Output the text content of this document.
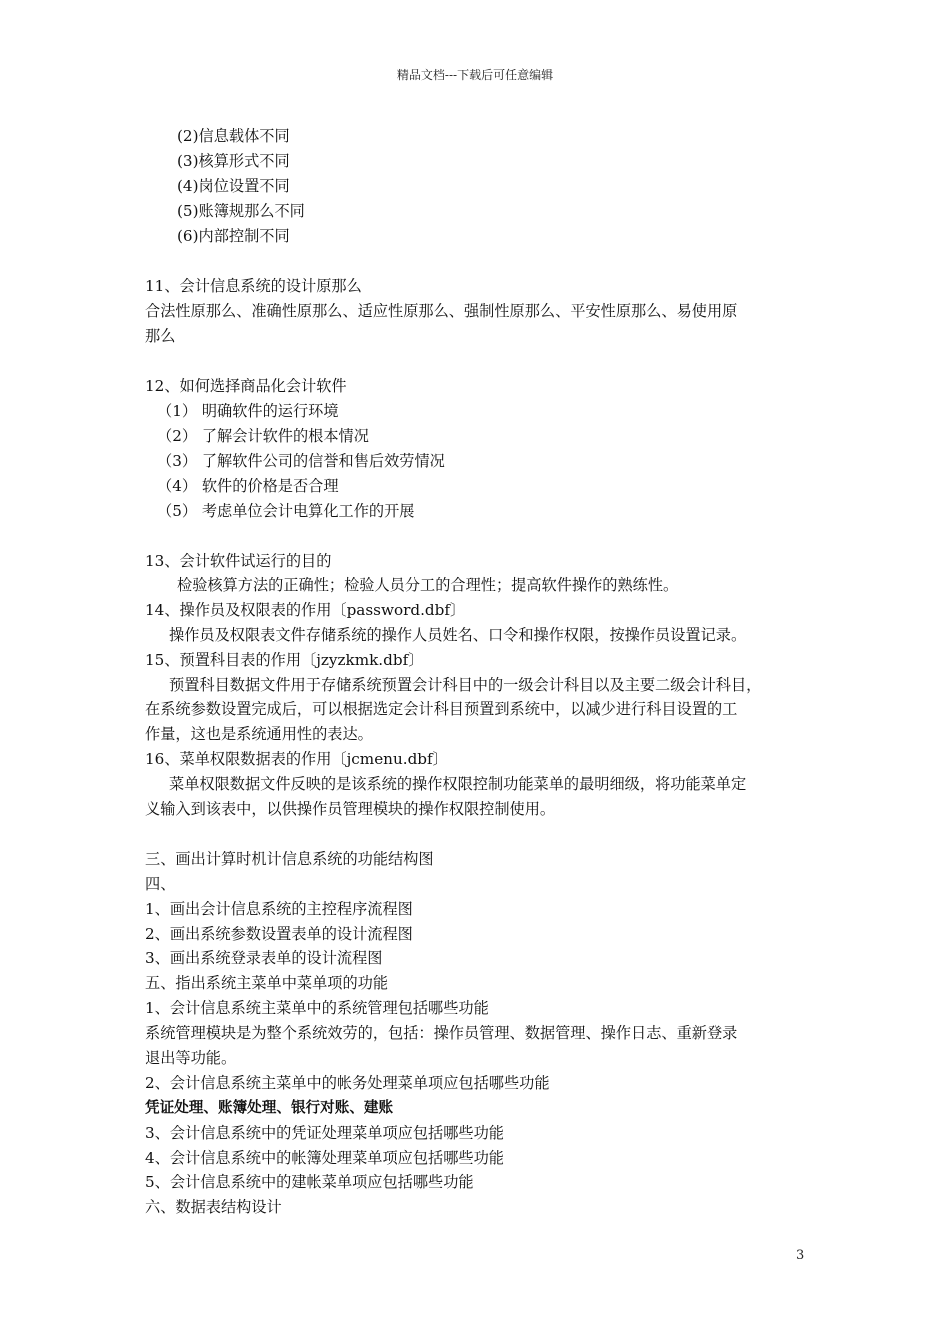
精品文档---下载后可任意编辑
(2)信息载体不同
(3)核算形式不同
(4)岗位设置不同
(5)账簿规那么不同
(6)内部控制不同
11、会计信息系统的设计原那么
合法性原那么、准确性原那么、适应性原那么、强制性原那么、平安性原那么、易使用原
那么
12、如何选择商品化会计软件
（1） 明确软件的运行环境
（2） 了解会计软件的根本情况
（3） 了解软件公司的信誉和售后效劳情况
（4） 软件的价格是否合理
（5） 考虑单位会计电算化工作的开展
13、会计软件试运行的目的
检验核算方法的正确性；检验人员分工的合理性；提高软件操作的熟练性。
14、操作员及权限表的作用〔password.dbf〕
操作员及权限表文件存储系统的操作人员姓名、口令和操作权限，按操作员设置记录。
15、预置科目表的作用〔jzyzkmk.dbf〕
预置科目数据文件用于存储系统预置会计科目中的一级会计科目以及主要二级会计科目，
在系统参数设置完成后，可以根据选定会计科目预置到系统中，以减少进行科目设置的工
作量，这也是系统通用性的表达。
16、菜单权限数据表的作用〔jcmenu.dbf〕
菜单权限数据文件反映的是该系统的操作权限控制功能菜单的最明细级，将功能菜单定
义输入到该表中，以供操作员管理模块的操作权限控制使用。
三、画出计算时机计信息系统的功能结构图
四、
1、画出会计信息系统的主控程序流程图
2、画出系统参数设置表单的设计流程图
3、画出系统登录表单的设计流程图
五、指出系统主菜单中菜单项的功能
1、会计信息系统主菜单中的系统管理包括哪些功能
系统管理模块是为整个系统效劳的，包括：操作员管理、数据管理、操作日志、重新登录
退出等功能。
2、会计信息系统主菜单中的帐务处理菜单项应包括哪些功能
凭证处理、账簿处理、银行对账、建账
3、会计信息系统中的凭证处理菜单项应包括哪些功能
4、会计信息系统中的帐簿处理菜单项应包括哪些功能
5、会计信息系统中的建帐菜单项应包括哪些功能
六、数据表结构设计
3
